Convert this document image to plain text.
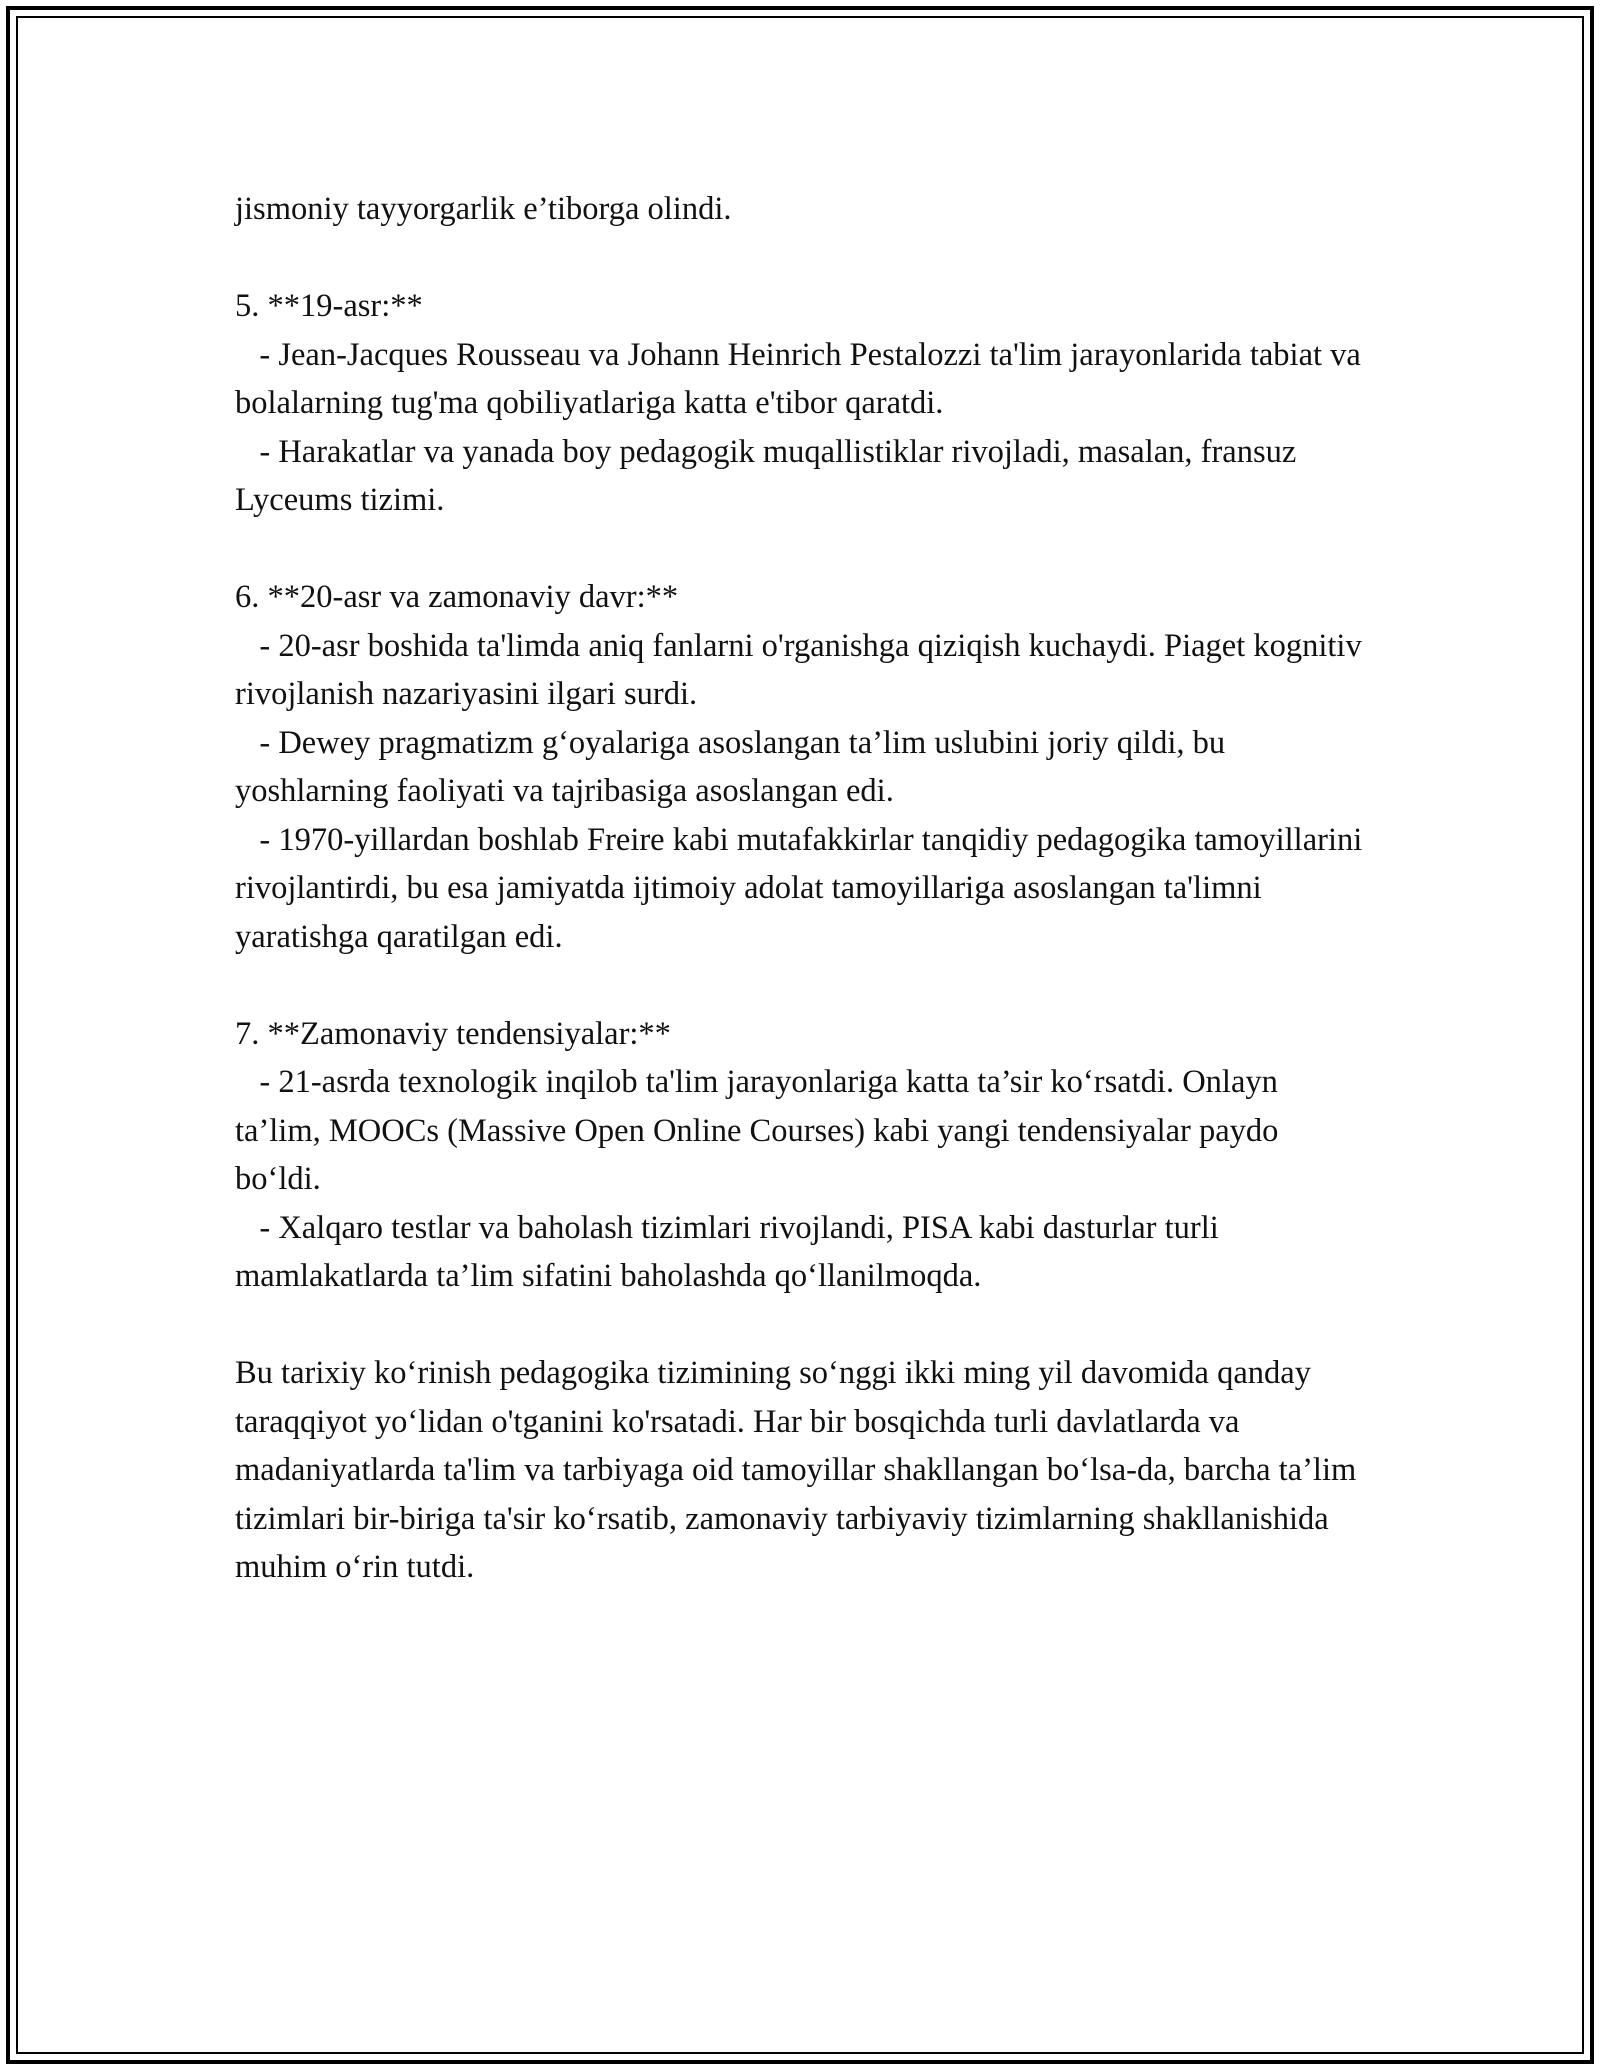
jismoniy tayyorgarlik e’tiborga olindi.

5. **19-asr:**

- Jean-Jacques Rousseau va Johann Heinrich Pestalozzi ta'lim jarayonlarida tabiat va bolalarning tug'ma qobiliyatlariga katta e'tibor qaratdi.

- Harakatlar va yanada boy pedagogik muqallistiklar rivojladi, masalan, fransuz Lyceums tizimi.

6. **20-asr va zamonaviy davr:**

- 20-asr boshida ta'limda aniq fanlarni o'rganishga qiziqish kuchaydi. Piaget kognitiv rivojlanish nazariyasini ilgari surdi.

- Dewey pragmatizm g‘oyalariga asoslangan ta’lim uslubini joriy qildi, bu yoshlarning faoliyati va tajribasiga asoslangan edi.

- 1970-yillardan boshlab Freire kabi mutafakkirlar tanqidiy pedagogika tamoyillarini rivojlantirdi, bu esa jamiyatda ijtimoiy adolat tamoyillariga asoslangan ta'limni yaratishga qaratilgan edi.

7. **Zamonaviy tendensiyalar:**

- 21-asrda texnologik inqilob ta'lim jarayonlariga katta ta’sir ko‘rsatdi. Onlayn ta’lim, MOOCs (Massive Open Online Courses) kabi yangi tendensiyalar paydo bo‘ldi.

- Xalqaro testlar va baholash tizimlari rivojlandi, PISA kabi dasturlar turli mamlakatlarda ta’lim sifatini baholashda qo‘llanilmoqda.

Bu tarixiy ko‘rinish pedagogika tizimining so‘nggi ikki ming yil davomida qanday taraqqiyot yo‘lidan o'tganini ko'rsatadi. Har bir bosqichda turli davlatlarda va madaniyatlarda ta'lim va tarbiyaga oid tamoyillar shakllangan bo‘lsa-da, barcha ta’lim tizimlari bir-biriga ta'sir ko‘rsatib, zamonaviy tarbiyaviy tizimlarning shakllanishida muhim o‘rin tutdi.
